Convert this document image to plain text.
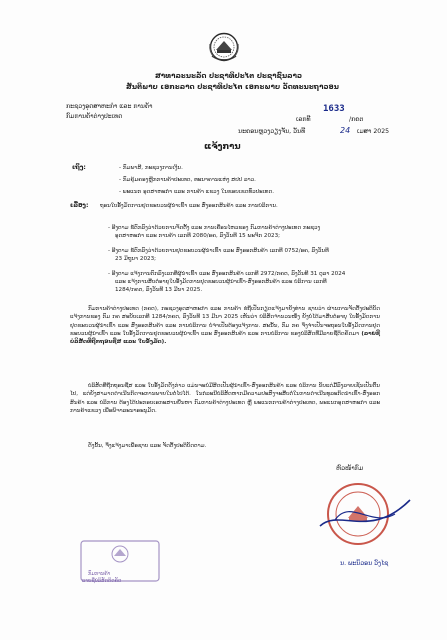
ສາທາລະນະລັດ ປະຊາທິປະໄຕ ປະຊາຊົນລາວ
ສັນຕິພາບ ເອກະລາດ ປະຊາທິປະໄຕ ເອກະພາບ ວັດທະນະຖາວອນ
ກະຊວງອຸດສາຫະກຳ ແລະ ການຄ້າ
ກົມການຄ້າຕ່າງປະເທດ	ເລກທີ
1633
/ກຄຕ
ນະຄອນຫຼວງວຽງຈັນ, ວັນທີ	24 ເມສາ 2025
ແຈ້ງການ
ເຖິງ:	- ກົມພາສີ, ກະຊວງການເງິນ.
- ກົມຄຸ້ມຄອງຫຼີກການຄ້າປະເທດ, ທະນາຄານແຫ່ງ ສປປ ລາວ.
- ພະແນກ ອຸດສາຫະກຳ ແລະ ການຄ້າ ແຂວງ ໃນຂອບເຂດທົ່ວປະເທດ.
ເລື່ອງ: ຖອນໃບອັ້ງມັດການຢຸດຂະບວນຜູ້ນຳເຂົ້າ ແລະ ສົ່ງອອກສິນຄ້າ ແລະ ການບໍລິການ.
- ອີງຕາມ ຂໍ້ຕົກລົງວ່າດ້ວຍການຈັດຕັ້ງ ແລະ ການເຄື່ອນໄຫວຂອງ ກົມການຄ້າຕ່າງປະເທດ ກະຊວງ
ອຸດສາຫະກຳ ແລະ ການຄ້າ ເລກທີ 2080/ອຄ, ລົງວັນທີ 15 ພະຈິກ 2023;
- ອີງຕາມ ຂໍ້ຕົກລົງວ່າດ້ວຍການຢຸດຂະບວນຜູ້ນຳເຂົ້າ ແລະ ສົ່ງອອກສິນຄ້າ ເລກທີ 0752/ອຄ, ລົງວັນທີ
23 ມິຖຸນາ 2023;
- ອີງຕາມ ແຈ້ງການຕົກລົງເລກທີ່ຜູ້ນຳເຂົ້າ ແລະ ສົ່ງອອກສິນຄ້າ ເລກທີ 2972/ກຄຕ, ລົງວັນທີ 31 ຕຸລາ 2024
ແລະ ແຈ້ງການສືບຕໍ່ອາຍຸໃບອັ້ງມັດການຢຸດຂະບວນຜູ້ນຳເຂົ້າ-ສົ່ງອອກສິນຄ້າ ແລະ ບໍລິການ ເລກທີ
1284/ກຄຕ, ລົງວັນທີ 13 ມີນາ 2025.
ກົມການຄ້າຕ່າງປະເທດ (ກຄຕ), ກະຊວງອຸດສາຫະກຳ ແລະ ການຄ້າ ຂໍຖືເປັນກຽດແຈ້ງມາຍັງທ່ານ ຊາບວ່າ ຜ່ານການຈັດຕັ້ງປະຕິບັດແຈ້ງການຂອງ ກົມ ກຄ ສະບັບເລກທີ 1284/ກຄຕ, ລົງວັນທີ 13 ມີນາ 2025 ເຫັນວ່າ ບໍລິສັດຈຳນວນໜຶ່ງ ຍັງບໍ່ໄດ້ມາສືບຕໍ່ອາຍຸ ໃບອັ້ງມັດການຢຸດຂະບວນຜູ້ນຳເຂົ້າ ແລະ ສົ່ງອອກສິນຄ້າ ແລະ ການບໍລິການ ບໍ່ຈຳເປັນຕ້ອງແຈ້ງການ. ສະນັ້ນ, ກົມ ກຄ ຈິ່ງຈຳເປັນຈະຖອນໃບອັ້ງມັດການຢຸດຂະບວນຜູ້ນຳເຂົ້າ ແລະ ໃບອັ້ງມັດການຢຸດຂະບວນຜູ້ນຳເຂົ້າ ແລະ ສົ່ງອອກສິນຄ້າ ແລະ ການບໍລິການ ຂອງບໍລິສັດທີ່ມີລາຍຊື່ຕິດຄັດມາ (ລາຍຊື່ບໍລິສັດທີ່ຖືກຖອນຊື່ສ ແລະ ໃບອັ້ງມັດ).
ບໍລິສັດທີ່ຖືກຖອນຊື່ສ ແລະ ໃບອັ້ງມັດດັ່ງກ່າວ ແມ່ນຈະບໍ່ມີສິດເປັນຜູ້ນຳເຂົ້າ-ສົ່ງອອກສິນຄ້າ ແລະ ບໍລິການ ນັບແຕ່ມື້ລົງລາຍເຊັນເປັນຕົ້ນໄປ, ແຕ່ຍັງສາມາດດຳເນີນກິດຈະການພາຍໃນຕໍ່ໄປໄດ້. ໃນກໍລະນີບໍລິສັດຫາກມີຄວາມປະສົງຈະສືບຕໍ່ໃນການດຳເນີນທຸລະກິດນຳເຂົ້າ-ສົ່ງອອກສິນຄ້າ ແລະ ບໍລິການ ຕ້ອງໄດ້ປະກອບເອກະສານຍື່ນຫາ ກົມການຄ້າຕ່າງປະເທດ ຫຼື ພະແນກການຄ້າຕ່າງປະເທດ, ພະແນກອຸດສາຫະກຳ ແລະ ການຄ້າແຂວງ ເພື່ອພິຈາລະນາອະນຸມັດ.
ດັ່ງນັ້ນ, ຈຶ່ງແຈ້ງມາເພື່ອຊາບ ແລະ ຈັດຕັ້ງປະຕິບັດຕາມ.
ຫົວໜ້າກົມ
ນ. ພະນິວອນ ວົງໄຊ
ກົມການຄ້າ
ລາຍຊື່ບໍລິສັດຕິດຄັດ
